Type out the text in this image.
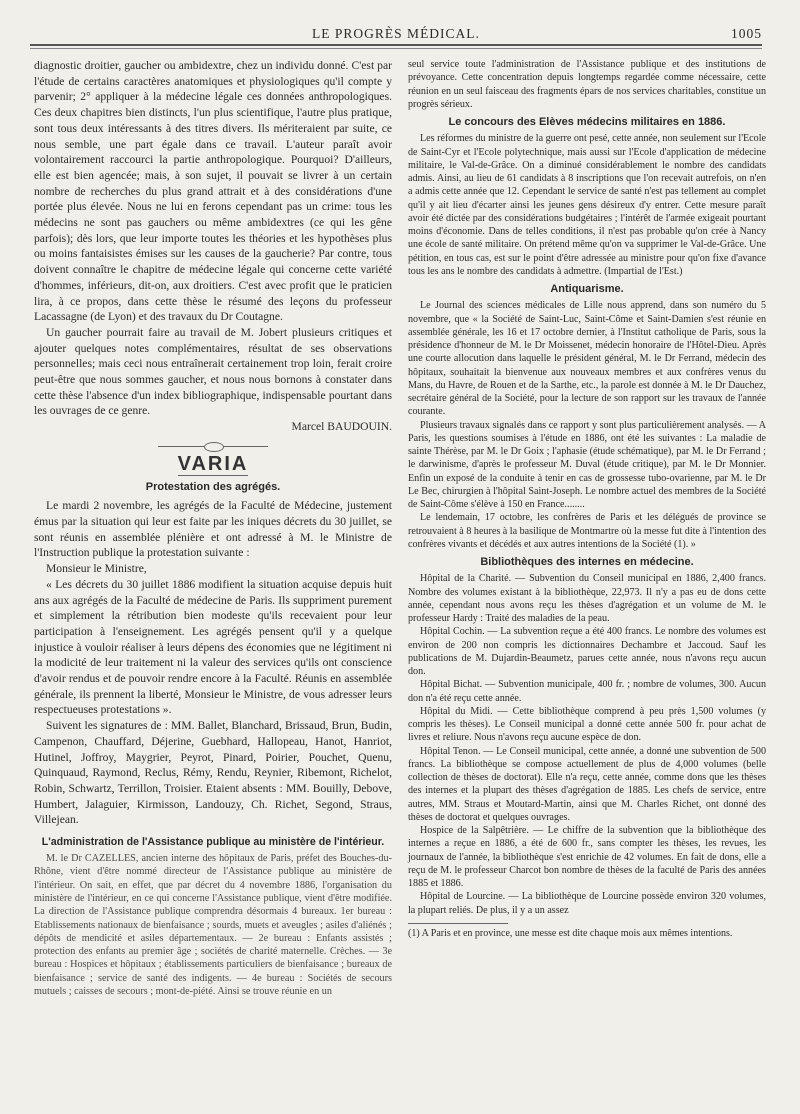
LE PROGRÈS MÉDICAL.	1005

diagnostic droitier, gaucher ou ambidextre, chez un individu donné. C'est par l'étude de certains caractères anatomiques et physiologiques qu'il compte y parvenir; 2° appliquer à la médecine légale ces données anthropologiques. Ces deux chapitres bien distincts, l'un plus scientifique, l'autre plus pratique, sont tous deux intéressants à des titres divers. Ils mériteraient par suite, ce nous semble, une part égale dans ce travail. L'auteur paraît avoir volontairement raccourci la partie anthropologique. Pourquoi? D'ailleurs, elle est bien agencée; mais, à son sujet, il pouvait se livrer à un certain nombre de recherches du plus grand attrait et à des considérations d'une portée plus élevée. Nous ne lui en ferons cependant pas un crime: tous les médecins ne sont pas gauchers ou même ambidextres (ce qui les gêne parfois); dès lors, que leur importe toutes les théories et les hypothèses plus ou moins fantaisistes émises sur les causes de la gaucherie? Par contre, tous doivent connaître le chapitre de médecine légale qui concerne cette variété d'hommes, inférieurs, dit-on, aux droitiers. C'est avec profit que le praticien lira, à ce propos, dans cette thèse le résumé des leçons du professeur Lacassagne (de Lyon) et des travaux du Dr Coutagne.

Un gaucher pourrait faire au travail de M. Jobert plusieurs critiques et ajouter quelques notes complémentaires, résultat de ses observations personnelles; mais ceci nous entraînerait certainement trop loin, ferait croire peut-être que nous sommes gaucher, et nous nous bornons à constater dans cette thèse l'absence d'un index bibliographique, indispensable pourtant dans les ouvrages de ce genre.

Marcel BAUDOUIN.

VARIA
Protestation des agrégés.

Le mardi 2 novembre, les agrégés de la Faculté de Médecine, justement émus par la situation qui leur est faite par les iniques décrets du 30 juillet, se sont réunis en assemblée plénière et ont adressé à M. le Ministre de l'Instruction publique la protestation suivante :

Monsieur le Ministre,

« Les décrets du 30 juillet 1886 modifient la situation acquise depuis huit ans aux agrégés de la Faculté de médecine de Paris. Ils suppriment purement et simplement la rétribution bien modeste qu'ils recevaient pour leur participation à l'enseignement. Les agrégés pensent qu'il y a quelque injustice à vouloir réaliser à leurs dépens des économies que ne légitiment ni la modicité de leur traitement ni la valeur des services qu'ils ont conscience d'avoir rendus et de pouvoir rendre encore à la Faculté. Réunis en assemblée générale, ils prennent la liberté, Monsieur le Ministre, de vous adresser leurs respectueuses protestations ».

Suivent les signatures de : MM. Ballet, Blanchard, Brissaud, Brun, Budin, Campenon, Chauffard, Déjerine, Guebhard, Hallopeau, Hanot, Hanriot, Hutinel, Joffroy, Maygrier, Peyrot, Pinard, Poirier, Pouchet, Quenu, Quinquaud, Raymond, Reclus, Rémy, Rendu, Reynier, Ribemont, Richelot, Robin, Schwartz, Terrillon, Troisier. Etaient absents : MM. Bouilly, Debove, Humbert, Jalaguier, Kirmisson, Landouzy, Ch. Richet, Segond, Straus, Villejean.

L'administration de l'Assistance publique au ministère de l'intérieur.

M. le Dr CAZELLES, ancien interne des hôpitaux de Paris, préfet des Bouches-du-Rhône, vient d'être nommé directeur de l'Assistance publique au ministère de l'intérieur. On sait, en effet, que par décret du 4 novembre 1886, l'organisation du ministère de l'intérieur, en ce qui concerne l'Assistance publique, vient d'être modifiée. La direction de l'Assistance publique comprendra désormais 4 bureaux. 1er bureau : Etablissements nationaux de bienfaisance ; sourds, muets et aveugles ; asiles d'aliénés ; dépôts de mendicité et asiles départementaux. — 2e bureau : Enfants assistés ; protection des enfants au premier âge ; sociétés de charité maternelle. Crèches. — 3e bureau : Hospices et hôpitaux ; établissements particuliers de bienfaisance ; bureaux de bienfaisance ; service de santé des indigents. — 4e bureau : Sociétés de secours mutuels ; caisses de secours ; mont-de-piété. Ainsi se trouve réunie en un

seul service toute l'administration de l'Assistance publique et des institutions de prévoyance. Cette concentration depuis longtemps regardée comme nécessaire, cette réunion en un seul faisceau des fragments épars de nos services charitables, constitue un progrès sérieux.

Le concours des Elèves médecins militaires en 1886.

Les réformes du ministre de la guerre ont pesé, cette année, non seulement sur l'Ecole de Saint-Cyr et l'Ecole polytechnique, mais aussi sur l'Ecole d'application de médecine militaire, le Val-de-Grâce. On a diminué considérablement le nombre des candidats admis. Ainsi, au lieu de 61 candidats à 8 inscriptions que l'on recevait autrefois, on n'en a admis cette année que 12. Cependant le service de santé n'est pas tellement au complet qu'il y ait lieu d'écarter ainsi les jeunes gens désireux d'y entrer. Cette mesure paraît avoir été dictée par des considérations budgétaires ; l'intérêt de l'armée exigeait pourtant moins d'économie. Dans de telles conditions, il n'est pas probable qu'on crée à Nancy une école de santé militaire. On prétend même qu'on va supprimer le Val-de-Grâce. Une pétition, en tous cas, est sur le point d'être adressée au ministre pour qu'on fixe d'avance tous les ans le nombre des candidats à admettre. (Impartial de l'Est.)

Antiquarisme.

Le Journal des sciences médicales de Lille nous apprend, dans son numéro du 5 novembre, que « la Société de Saint-Luc, Saint-Côme et Saint-Damien s'est réunie en assemblée générale, les 16 et 17 octobre dernier, à l'Institut catholique de Paris, sous la présidence d'honneur de M. le Dr Moissenet, médecin honoraire de l'Hôtel-Dieu. Après une courte allocution dans laquelle le président général, M. le Dr Ferrand, médecin des hôpitaux, souhaitait la bienvenue aux nouveaux membres et aux confrères venus du Mans, du Havre, de Rouen et de la Sarthe, etc., la parole est donnée à M. le Dr Dauchez, secrétaire général de la Société, pour la lecture de son rapport sur les travaux de l'année courante.

Plusieurs travaux signalés dans ce rapport y sont plus particulièrement analysés. — A Paris, les questions soumises à l'étude en 1886, ont été les suivantes : La maladie de sainte Thérèse, par M. le Dr Goix ; l'aphasie (étude schématique), par M. le Dr Ferrand ; le darwinisme, d'après le professeur M. Duval (étude critique), par M. le Dr Monnier. Enfin un exposé de la conduite à tenir en cas de grossesse tubo-ovarienne, par M. le Dr Le Bec, chirurgien à l'hôpital Saint-Joseph. Le nombre actuel des membres de la Société de Saint-Côme s'élève à 150 en France........

Le lendemain, 17 octobre, les confrères de Paris et les délégués de province se retrouvaient à 8 heures à la basilique de Montmartre où la messe fut dite à l'intention des confrères vivants et décédés et aux autres intentions de la Société (1). »

Bibliothèques des internes en médecine.

Hôpital de la Charité. — Subvention du Conseil municipal en 1886, 2,400 francs. Nombre des volumes existant à la bibliothèque, 22,973. Il n'y a pas eu de dons cette année, cependant nous avons reçu les thèses d'agrégation et un volume de M. le professeur Hardy : Traité des maladies de la peau.

Hôpital Cochin. — La subvention reçue a été 400 francs. Le nombre des volumes est environ de 200 non compris les dictionnaires Dechambre et Jaccoud. Sauf les publications de M. Dujardin-Beaumetz, parues cette année, nous n'avons reçu aucun don.

Hôpital Bichat. — Subvention municipale, 400 fr. ; nombre de volumes, 300. Aucun don n'a été reçu cette année.

Hôpital du Midi. — Cette bibliothèque comprend à peu près 1,500 volumes (y compris les thèses). Le Conseil municipal a donné cette année 500 fr. pour achat de livres et reliure. Nous n'avons reçu aucune espèce de don.

Hôpital Tenon. — Le Conseil municipal, cette année, a donné une subvention de 500 francs. La bibliothèque se compose actuellement de plus de 4,000 volumes (belle collection de thèses de doctorat). Elle n'a reçu, cette année, comme dons que les thèses des internes et la plupart des thèses d'agrégation de 1885. Les chefs de service, entre autres, MM. Straus et Moutard-Martin, ainsi que M. Charles Richet, ont donné des thèses de doctorat et quelques ouvrages.

Hospice de la Salpêtrière. — Le chiffre de la subvention que la bibliothèque des internes a reçue en 1886, a été de 600 fr., sans compter les thèses, les revues, les journaux de l'année, la bibliothèque s'est enrichie de 42 volumes. En fait de dons, elle a reçu de M. le professeur Charcot bon nombre de thèses de la faculté de Paris des années 1885 et 1886.

Hôpital de Lourcine. — La bibliothèque de Lourcine possède environ 320 volumes, la plupart reliés. De plus, il y a un assez

(1) A Paris et en province, une messe est dite chaque mois aux mêmes intentions.
